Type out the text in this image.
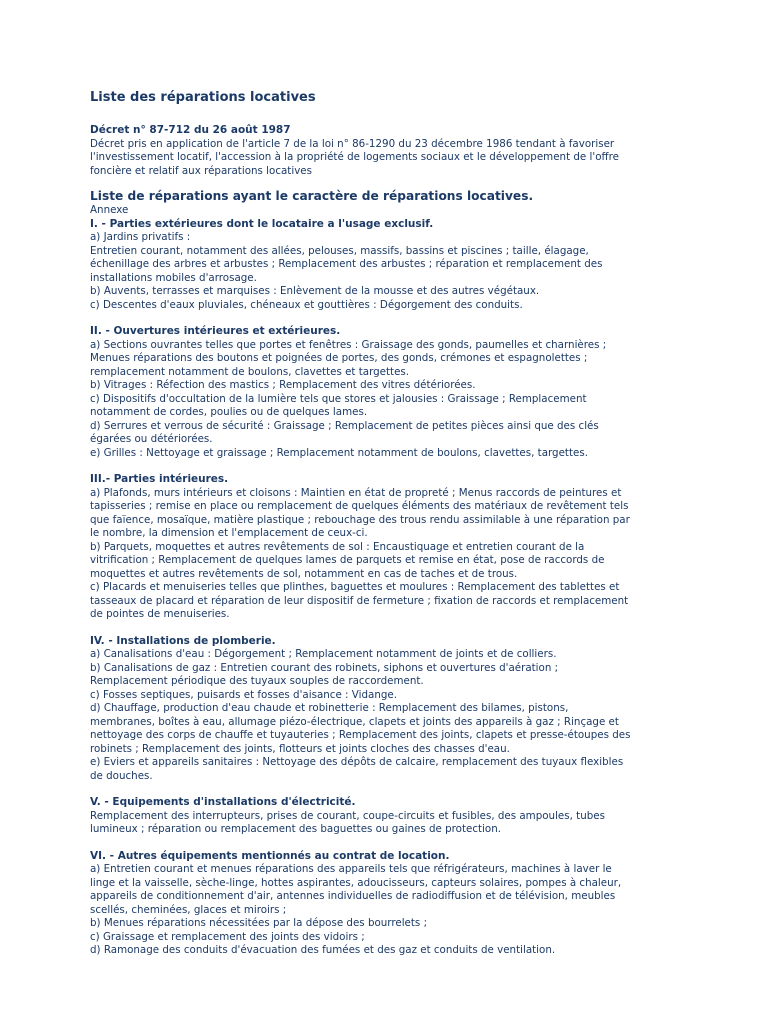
Liste des réparations locatives
Décret n° 87-712 du 26 août 1987
Décret pris en application de l'article 7 de la loi n° 86-1290 du 23 décembre 1986 tendant à favoriser
l'investissement locatif, l'accession à la propriété de logements sociaux et le développement de l'offre
foncière et relatif aux réparations locatives
Liste de réparations ayant le caractère de réparations locatives.
Annexe
I. - Parties extérieures dont le locataire a l'usage exclusif.
a) Jardins privatifs :
Entretien courant, notamment des allées, pelouses, massifs, bassins et piscines ; taille, élagage,
échenillage des arbres et arbustes ; Remplacement des arbustes ; réparation et remplacement des
installations mobiles d'arrosage.
b) Auvents, terrasses et marquises : Enlèvement de la mousse et des autres végétaux.
c) Descentes d'eaux pluviales, chéneaux et gouttières : Dégorgement des conduits.
II. - Ouvertures intérieures et extérieures.
a) Sections ouvrantes telles que portes et fenêtres : Graissage des gonds, paumelles et charnières ;
Menues réparations des boutons et poignées de portes, des gonds, crémones et espagnolettes ;
remplacement notamment de boulons, clavettes et targettes.
b) Vitrages : Réfection des mastics ; Remplacement des vitres détériorées.
c) Dispositifs d'occultation de la lumière tels que stores et jalousies : Graissage ; Remplacement
notamment de cordes, poulies ou de quelques lames.
d) Serrures et verrous de sécurité : Graissage ; Remplacement de petites pièces ainsi que des clés
égarées ou détériorées.
e) Grilles : Nettoyage et graissage ; Remplacement notamment de boulons, clavettes, targettes.
III.- Parties intérieures.
a) Plafonds, murs intérieurs et cloisons : Maintien en état de propreté ; Menus raccords de peintures et
tapisseries ; remise en place ou remplacement de quelques éléments des matériaux de revêtement tels
que faïence, mosaïque, matière plastique ; rebouchage des trous rendu assimilable à une réparation par
le nombre, la dimension et l'emplacement de ceux-ci.
b) Parquets, moquettes et autres revêtements de sol : Encaustiquage et entretien courant de la
vitrification ; Remplacement de quelques lames de parquets et remise en état, pose de raccords de
moquettes et autres revêtements de sol, notamment en cas de taches et de trous.
c) Placards et menuiseries telles que plinthes, baguettes et moulures : Remplacement des tablettes et
tasseaux de placard et réparation de leur dispositif de fermeture ; fixation de raccords et remplacement
de pointes de menuiseries.
IV. - Installations de plomberie.
a) Canalisations d'eau : Dégorgement ; Remplacement notamment de joints et de colliers.
b) Canalisations de gaz : Entretien courant des robinets, siphons et ouvertures d'aération ;
Remplacement périodique des tuyaux souples de raccordement.
c) Fosses septiques, puisards et fosses d'aisance : Vidange.
d) Chauffage, production d'eau chaude et robinetterie : Remplacement des bilames, pistons,
membranes, boîtes à eau, allumage piézo-électrique, clapets et joints des appareils à gaz ; Rinçage et
nettoyage des corps de chauffe et tuyauteries ; Remplacement des joints, clapets et presse-étoupes des
robinets ; Remplacement des joints, flotteurs et joints cloches des chasses d'eau.
e) Eviers et appareils sanitaires : Nettoyage des dépôts de calcaire, remplacement des tuyaux flexibles
de douches.
V. - Equipements d'installations d'électricité.
Remplacement des interrupteurs, prises de courant, coupe-circuits et fusibles, des ampoules, tubes
lumineux ; réparation ou remplacement des baguettes ou gaines de protection.
VI. - Autres équipements mentionnés au contrat de location.
a) Entretien courant et menues réparations des appareils tels que réfrigérateurs, machines à laver le
linge et la vaisselle, sèche-linge, hottes aspirantes, adoucisseurs, capteurs solaires, pompes à chaleur,
appareils de conditionnement d'air, antennes individuelles de radiodiffusion et de télévision, meubles
scellés, cheminées, glaces et miroirs ;
b) Menues réparations nécessitées par la dépose des bourrelets ;
c) Graissage et remplacement des joints des vidoirs ;
d) Ramonage des conduits d'évacuation des fumées et des gaz et conduits de ventilation.
